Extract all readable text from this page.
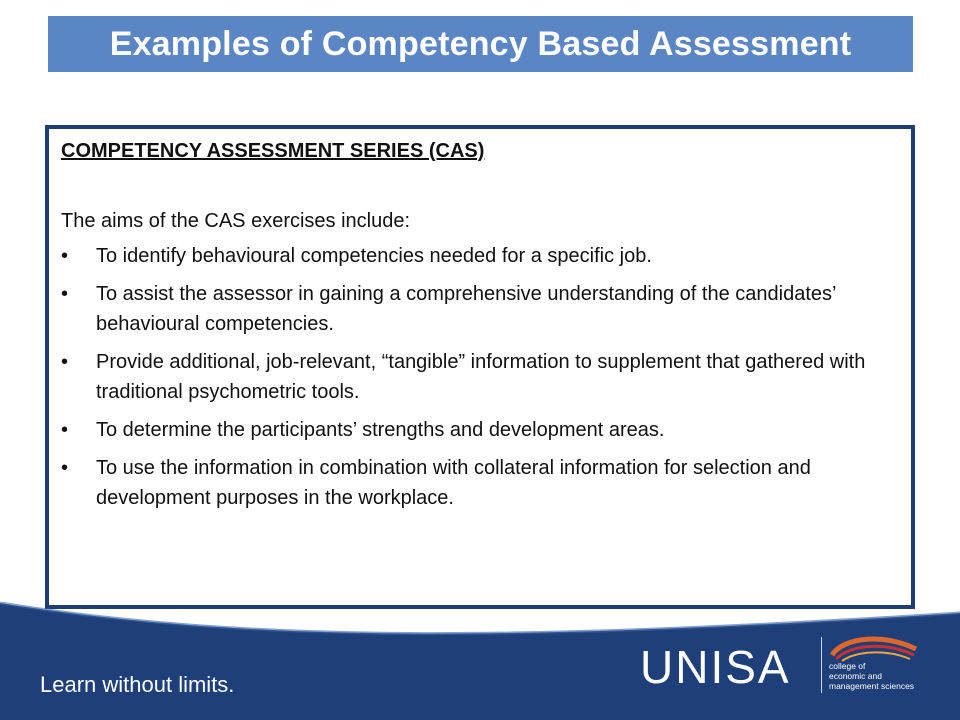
Examples of Competency Based Assessment

COMPETENCY ASSESSMENT SERIES (CAS)

The aims of the CAS exercises include:

• To identify behavioural competencies needed for a specific job.
• To assist the assessor in gaining a comprehensive understanding of the candidates’ behavioural competencies.
• Provide additional, job-relevant, “tangible” information to supplement that gathered with traditional psychometric tools.
• To determine the participants’ strengths and development areas.
• To use the information in combination with collateral information for selection and development purposes in the workplace.
Learn without limits.	UNISA	college of
economic and
management sciences
